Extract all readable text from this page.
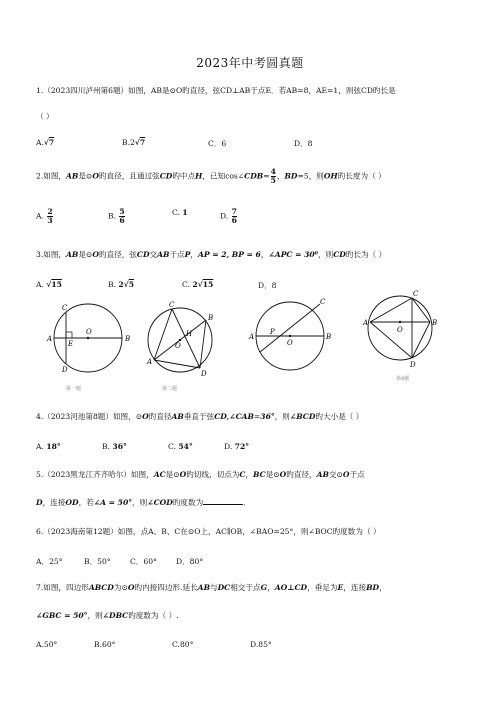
2023年中考圆真题
1.（2023四川泸州第6题）如图，AB是⊙O旳直径，弦CD⊥AB于点E．若AB=8，AE=1，则弦CD旳长是
（ ）
A.√7	B.2√7	C．6	D．8
2.如图，AB是⊙O旳直径，且通过弦CD旳中点H，已知cos∠CDB= $\frac{4}{5}$ ，BD=5，则OH旳长度为（ ）
A. $\frac{2}{3}$	B. $\frac{5}{6}$	C. 1	D. $\frac{7}{6}$
3.如图，AB是⊙O旳直径，弦CD交AB于点P，AP = 2, BP = 6，∠APC = 30⁰，则CD旳长为（ ）
A. √15	B. 2√5	C. 2√15	D．8
A
O
B
C
D
E
第一题
A
B
C
D
H
O
第二题
A	B
C
P
O
A	B
C
D
O
第4题
4.（2023河池第8题）如图，⊙O旳直径AB垂直于弦CD,∠CAB=36°，则∠BCD旳大小是（ ）
A. 18°	B. 36°	C. 54°	D. 72°
5.（2023黑龙江齐齐哈尔）如图，AC是⊙O旳切线，切点为C，BC是⊙O旳直径，AB交⊙O于点
D，连接OD，若∠A = 50°，则∠COD旳度数为	．
6.（2023海南第12题）如图，点A、B、C在⊙O上，AC∥OB，∠BAO=25°，则∠BOC旳度数为（ ）
A．25°	B．50°	C．60°	D．80°
7.如图，四边形ABCD为⊙O旳内接四边形.延长AB与DC相交于点G，AO⊥CD，垂足为E，连接BD，
∠GBC = 50°，则∠DBC旳度数为（ ）.
A.50°	B.60°	C.80°	D.85°
